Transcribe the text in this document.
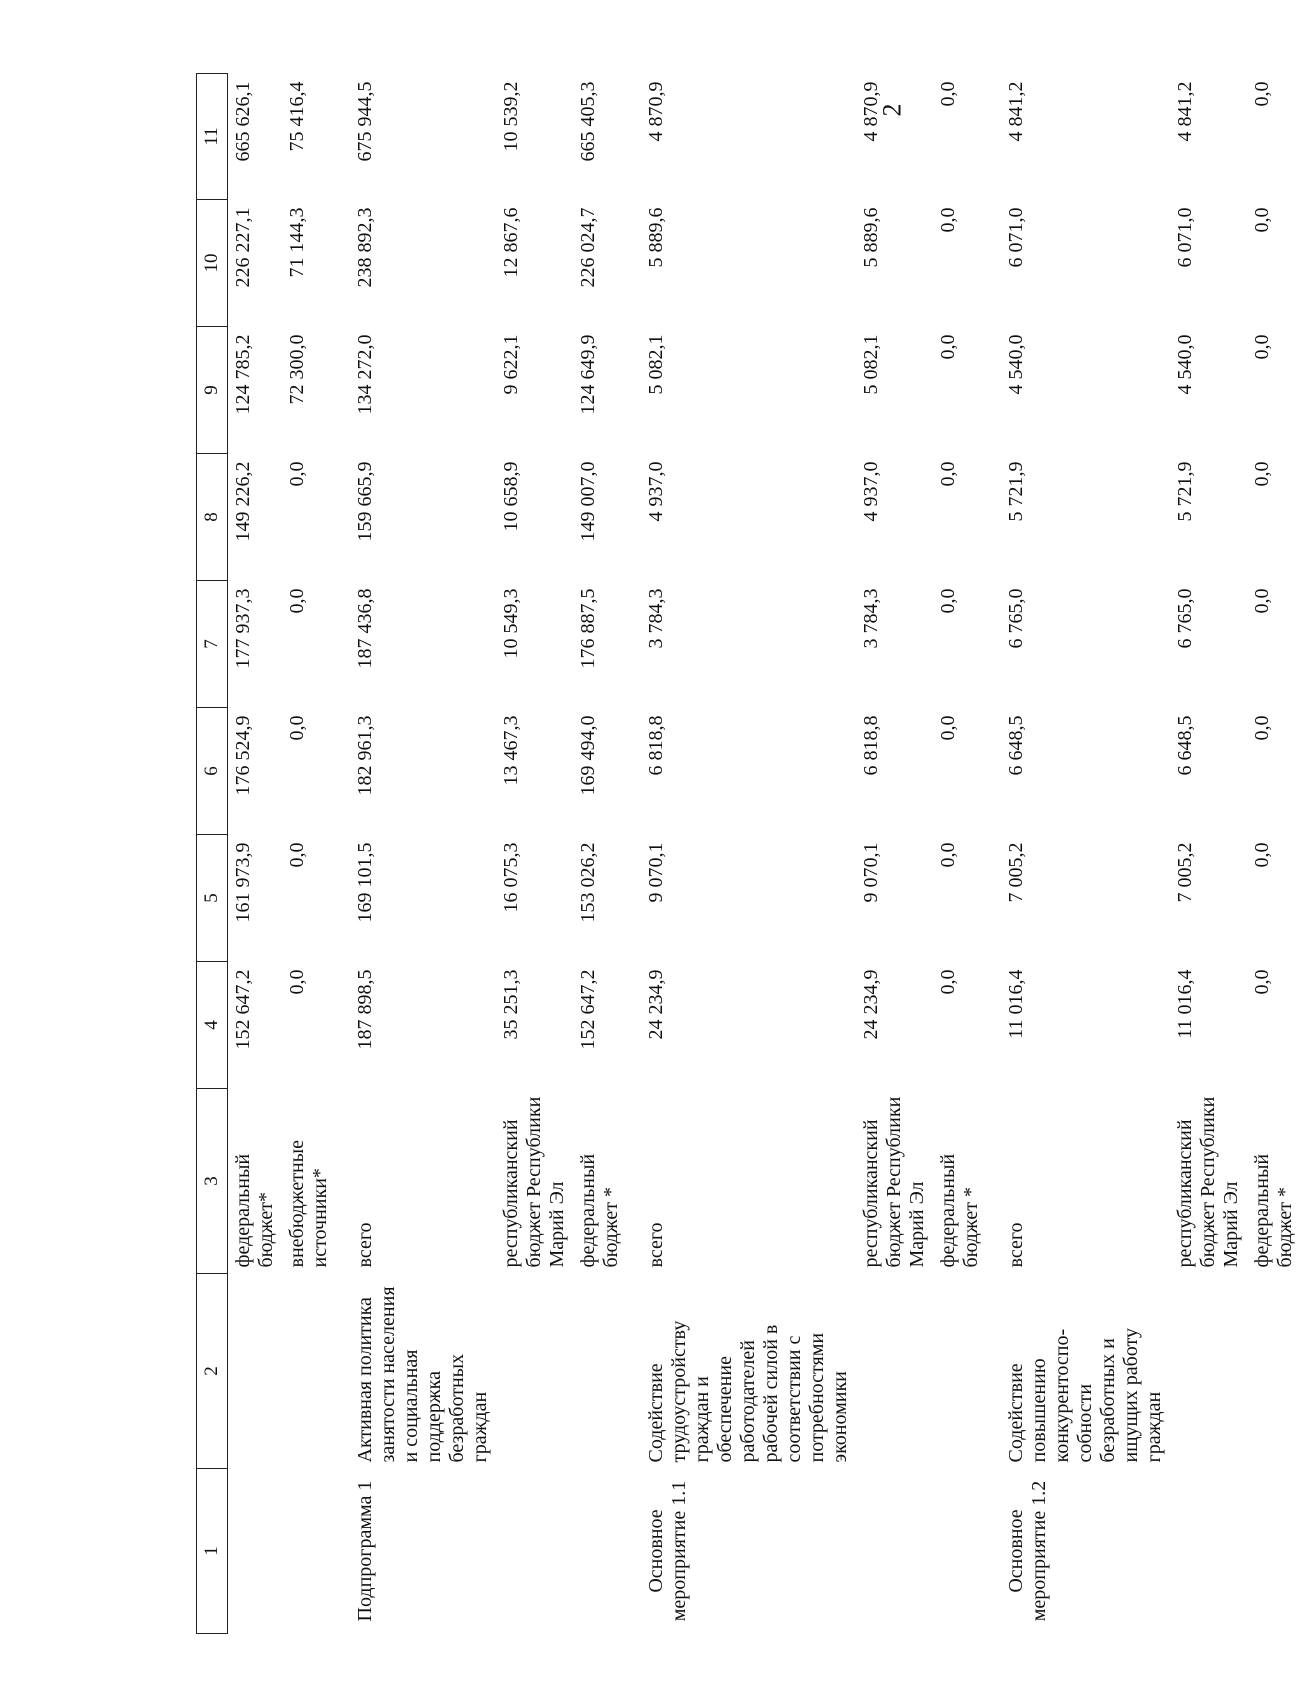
2
1	2	3	4	5	6	7	8	9	10	11
		федеральный бюджет*	152 647,2	161 973,9	176 524,9	177 937,3	149 226,2	124 785,2	226 227,1	665 626,1
		внебюджетные источники*	0,0	0,0	0,0	0,0	0,0	72 300,0	71 144,3	75 416,4
Подпрограмма 1	Активная политика занятости населения и социальная поддержка безработных граждан	всего	187 898,5	169 101,5	182 961,3	187 436,8	159 665,9	134 272,0	238 892,3	675 944,5
		республиканский бюджет Республики Марий Эл	35 251,3	16 075,3	13 467,3	10 549,3	10 658,9	9 622,1	12 867,6	10 539,2
		федеральный бюджет *	152 647,2	153 026,2	169 494,0	176 887,5	149 007,0	124 649,9	226 024,7	665 405,3
Основное мероприятие 1.1	Содействие трудоустройству граждан и обеспечение работодателей рабочей силой в соответствии с потребностями экономики	всего	24 234,9	9 070,1	6 818,8	3 784,3	4 937,0	5 082,1	5 889,6	4 870,9
		республиканский бюджет Республики Марий Эл	24 234,9	9 070,1	6 818,8	3 784,3	4 937,0	5 082,1	5 889,6	4 870,9
		федеральный бюджет *	0,0	0,0	0,0	0,0	0,0	0,0	0,0	0,0
Основное мероприятие 1.2	Содействие повышению конкурентоспо-собности безработных и ищущих работу граждан	всего	11 016,4	7 005,2	6 648,5	6 765,0	5 721,9	4 540,0	6 071,0	4 841,2
		республиканский бюджет Республики Марий Эл	11 016,4	7 005,2	6 648,5	6 765,0	5 721,9	4 540,0	6 071,0	4 841,2
		федеральный бюджет *	0,0	0,0	0,0	0,0	0,0	0,0	0,0	0,0
